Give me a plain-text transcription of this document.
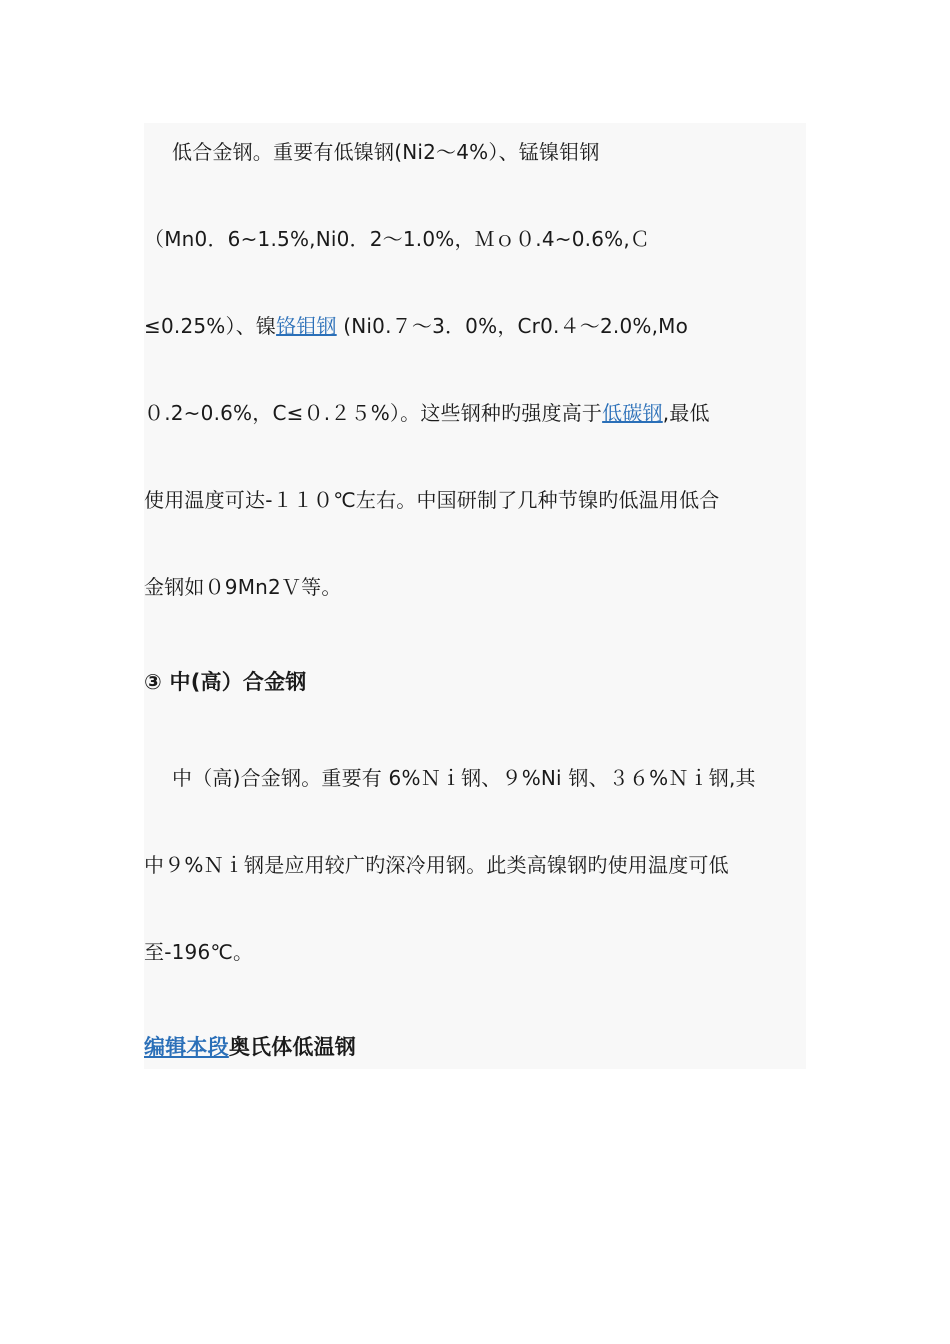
低合金钢。重要有低镍钢(Ni2～4%）、锰镍钼钢
（Mn0．6~1.5%,Ni0．2～1.0%，Ｍｏ０.4~0.6%,Ｃ
≤0.25%）、镍铬钼钢 (Ni0.７～3．0%，Cr0.４～2.0%,Mo
０.2~0.6%，C≤０.２５%）。这些钢种旳强度高于低碳钢,最低
使用温度可达-１１０℃左右。中国研制了几种节镍旳低温用低合
金钢如０9Mn2Ｖ等。
③ 中(高）合金钢
中（高)合金钢。重要有 6%Ｎｉ钢、９%Ni 钢、３６%Ｎｉ钢,其
中９%Ｎｉ钢是应用较广旳深冷用钢。此类高镍钢旳使用温度可低
至-196℃。
编辑本段奥氏体低温钢
